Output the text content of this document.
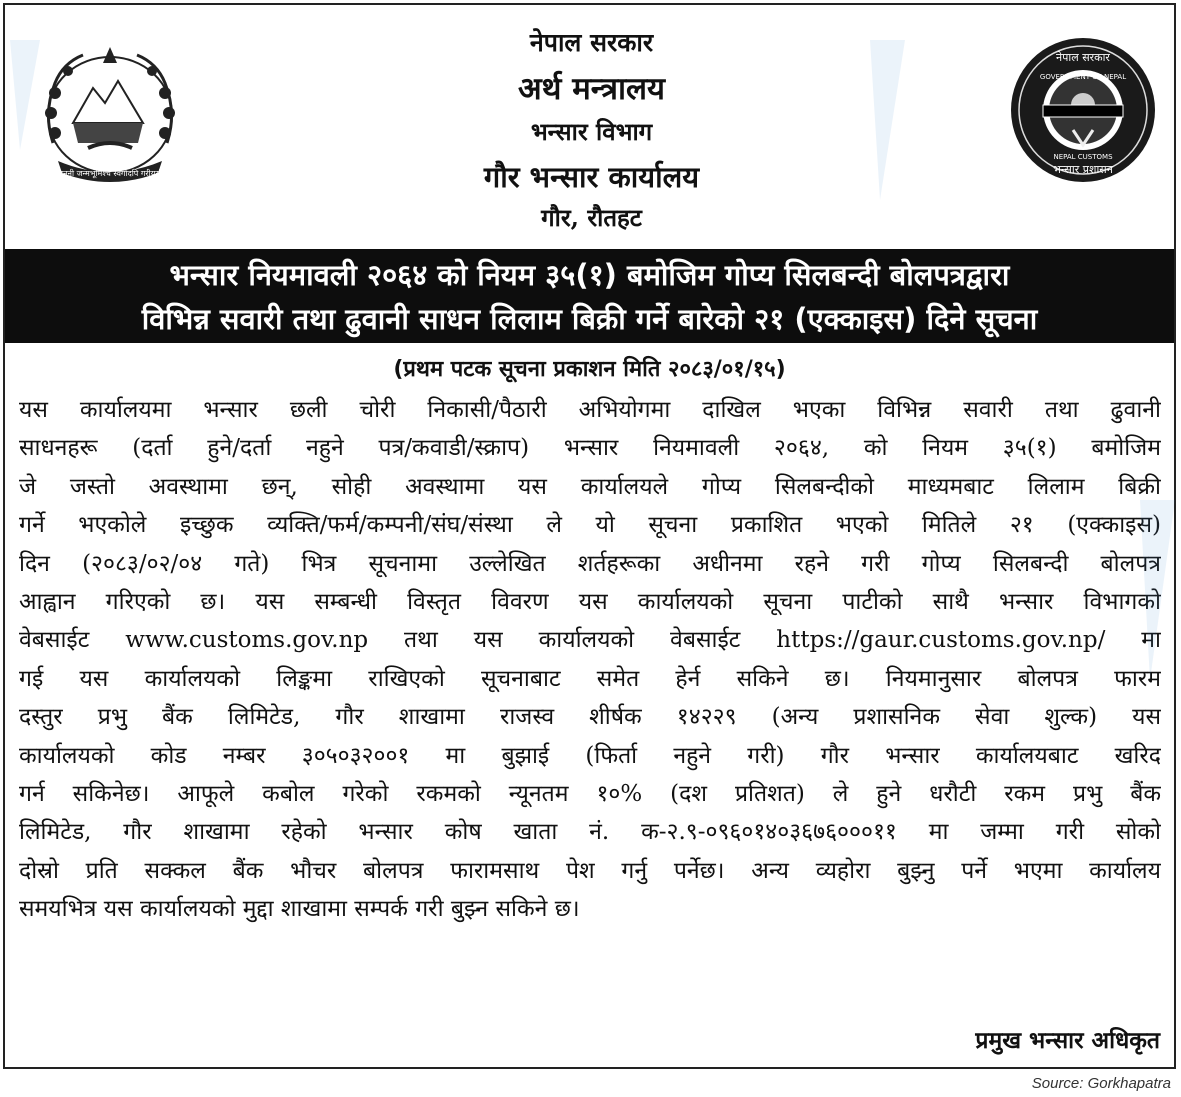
जननी जन्मभूमिश्च स्वर्गादपि गरीयसी
नेपाल सरकार
GOVERNMENT OF NEPAL
NEPAL CUSTOMS
भन्सार प्रशासन
नेपाल सरकार
अर्थ मन्त्रालय
भन्सार विभाग
गौर भन्सार कार्यालय
गौर, रौतहट
भन्सार नियमावली २०६४ को नियम ३५(१) बमोजिम गोप्य सिलबन्दी बोलपत्रद्वारा
विभिन्न सवारी तथा ढुवानी साधन लिलाम बिक्री गर्ने बारेको २१ (एक्काइस) दिने सूचना
(प्रथम पटक सूचना प्रकाशन मिति २०८३/०१/१५)
यस कार्यालयमा भन्सार छली चोरी निकासी/पैठारी अभियोगमा दाखिल भएका विभिन्न सवारी तथा ढुवानी
साधनहरू (दर्ता हुने/दर्ता नहुने पत्र/कवाडी/स्क्राप) भन्सार नियमावली २०६४, को नियम ३५(१) बमोजिम
जे जस्तो अवस्थामा छन्, सोही अवस्थामा यस कार्यालयले गोप्य सिलबन्दीको माध्यमबाट लिलाम बिक्री
गर्ने भएकोले इच्छुक व्यक्ति/फर्म/कम्पनी/संघ/संस्था ले यो सूचना प्रकाशित भएको मितिले २१ (एक्काइस)
दिन (२०८३/०२/०४ गते) भित्र सूचनामा उल्लेखित शर्तहरूका अधीनमा रहने गरी गोप्य सिलबन्दी बोलपत्र
आह्वान गरिएको छ। यस सम्बन्धी विस्तृत विवरण यस कार्यालयको सूचना पाटीको साथै भन्सार विभागको
वेबसाईट www.customs.gov.np तथा यस कार्यालयको वेबसाईट https://gaur.customs.gov.np/ मा
गई यस कार्यालयको लिङ्कमा राखिएको सूचनाबाट समेत हेर्न सकिने छ। नियमानुसार बोलपत्र फारम
दस्तुर प्रभु बैंक लिमिटेड, गौर शाखामा राजस्व शीर्षक १४२२९ (अन्य प्रशासनिक सेवा शुल्क) यस
कार्यालयको कोड नम्बर ३०५०३२००१ मा बुझाई (फिर्ता नहुने गरी) गौर भन्सार कार्यालयबाट खरिद
गर्न सकिनेछ। आफूले कबोल गरेको रकमको न्यूनतम १०% (दश प्रतिशत) ले हुने धरौटी रकम प्रभु बैंक
लिमिटेड, गौर शाखामा रहेको भन्सार कोष खाता नं. क-२.९-०९६०१४०३६७६०००११ मा जम्मा गरी सोको
दोस्रो प्रति सक्कल बैंक भौचर बोलपत्र फारामसाथ पेश गर्नु पर्नेछ। अन्य व्यहोरा बुझ्नु पर्ने भएमा कार्यालय
समयभित्र यस कार्यालयको मुद्दा शाखामा सम्पर्क गरी बुझ्न सकिने छ।
प्रमुख भन्सार अधिकृत
Source: Gorkhapatra
